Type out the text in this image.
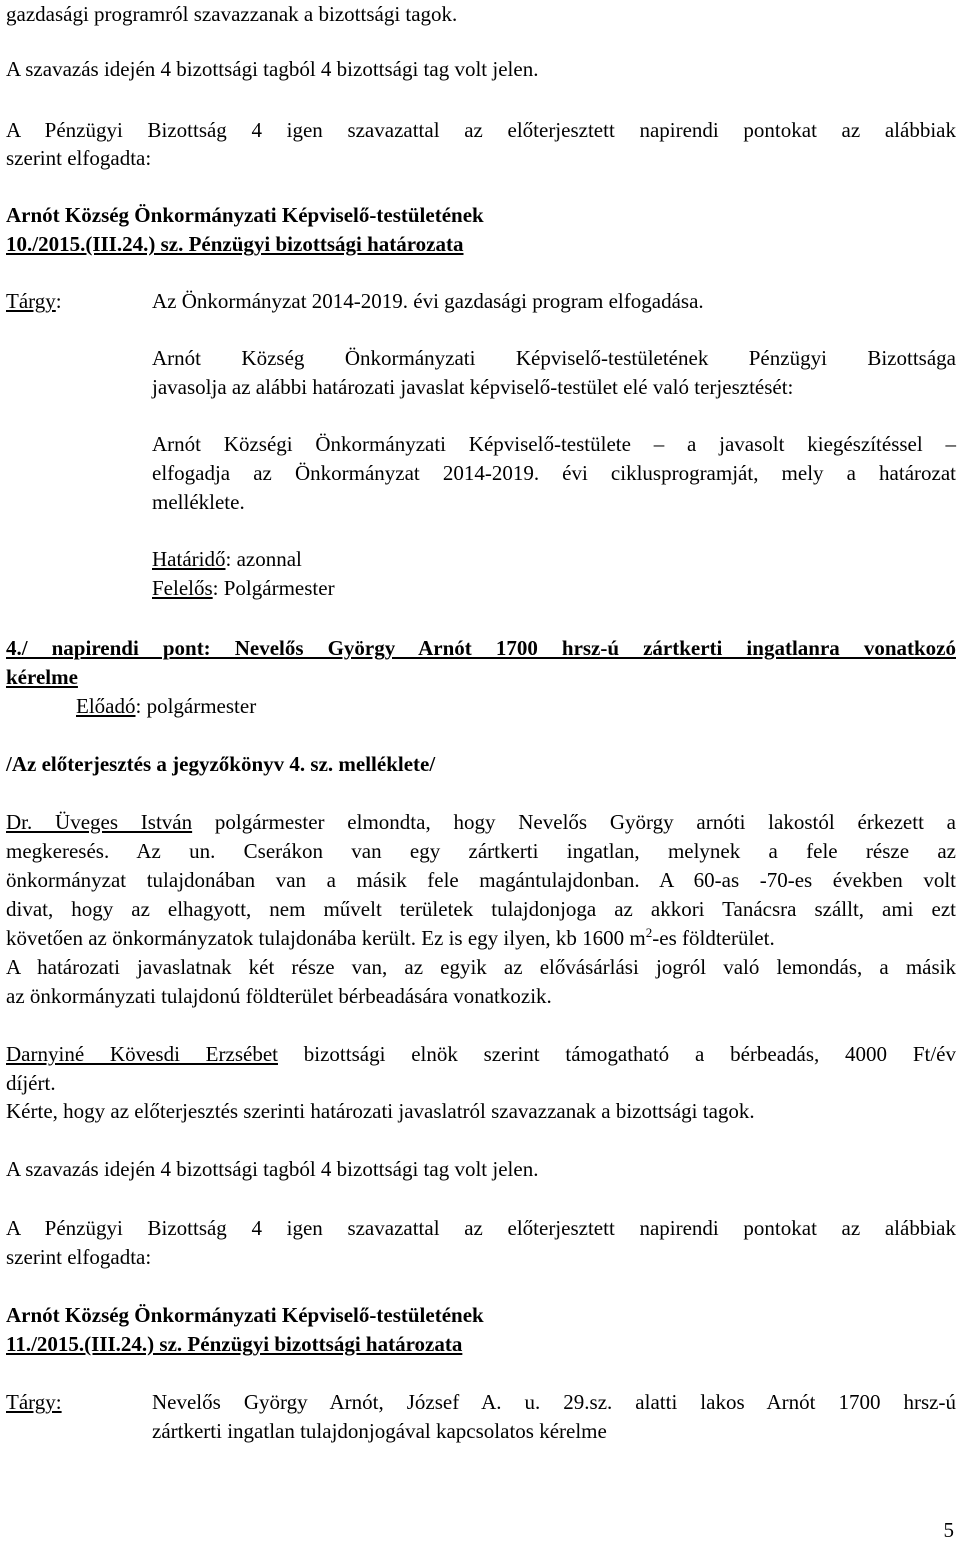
gazdasági programról szavazzanak a bizottsági tagok.
A szavazás idején 4 bizottsági tagból 4 bizottsági tag volt jelen.
A Pénzügyi Bizottság 4 igen szavazattal az előterjesztett napirendi pontokat az alábbiak
szerint elfogadta:
Arnót Község Önkormányzati Képviselő-testületének
10./2015.(III.24.) sz. Pénzügyi bizottsági határozata
Tárgy:	Az Önkormányzat 2014-2019. évi gazdasági program elfogadása.
Arnót Község Önkormányzati Képviselő-testületének Pénzügyi Bizottsága
javasolja az alábbi határozati javaslat képviselő-testület elé való terjesztését:
Arnót Községi Önkormányzati Képviselő-testülete – a javasolt kiegészítéssel –
elfogadja az Önkormányzat 2014-2019. évi ciklusprogramját, mely a határozat
melléklete.
Határidő: azonnal
Felelős: Polgármester
4./ napirendi pont: Nevelős György Arnót 1700 hrsz-ú zártkerti ingatlanra vonatkozó
kérelme
Előadó: polgármester
/Az előterjesztés a jegyzőkönyv 4. sz. melléklete/
Dr. Üveges István polgármester elmondta, hogy Nevelős György arnóti lakostól érkezett a
megkeresés. Az un. Cserákon van egy zártkerti ingatlan, melynek a fele része az
önkormányzat tulajdonában van a másik fele magántulajdonban. A 60-as -70-es években volt
divat, hogy az elhagyott, nem művelt területek tulajdonjoga az akkori Tanácsra szállt, ami ezt
követően az önkormányzatok tulajdonába került. Ez is egy ilyen, kb 1600 $m^2-es$ földterület.
A határozati javaslatnak két része van, az egyik az elővásárlási jogról való lemondás, a másik
az önkormányzati tulajdonú földterület bérbeadására vonatkozik.
Darnyiné Kövesdi Erzsébet bizottsági elnök szerint támogatható a bérbeadás, 4000 Ft/év
díjért.
Kérte, hogy az előterjesztés szerinti határozati javaslatról szavazzanak a bizottsági tagok.
A szavazás idején 4 bizottsági tagból 4 bizottsági tag volt jelen.
A Pénzügyi Bizottság 4 igen szavazattal az előterjesztett napirendi pontokat az alábbiak
szerint elfogadta:
Arnót Község Önkormányzati Képviselő-testületének
11./2015.(III.24.) sz. Pénzügyi bizottsági határozata
Tárgy:	Nevelős György Arnót, József A. u. 29.sz. alatti lakos Arnót 1700 hrsz-ú
zártkerti ingatlan tulajdonjogával kapcsolatos kérelme
5
